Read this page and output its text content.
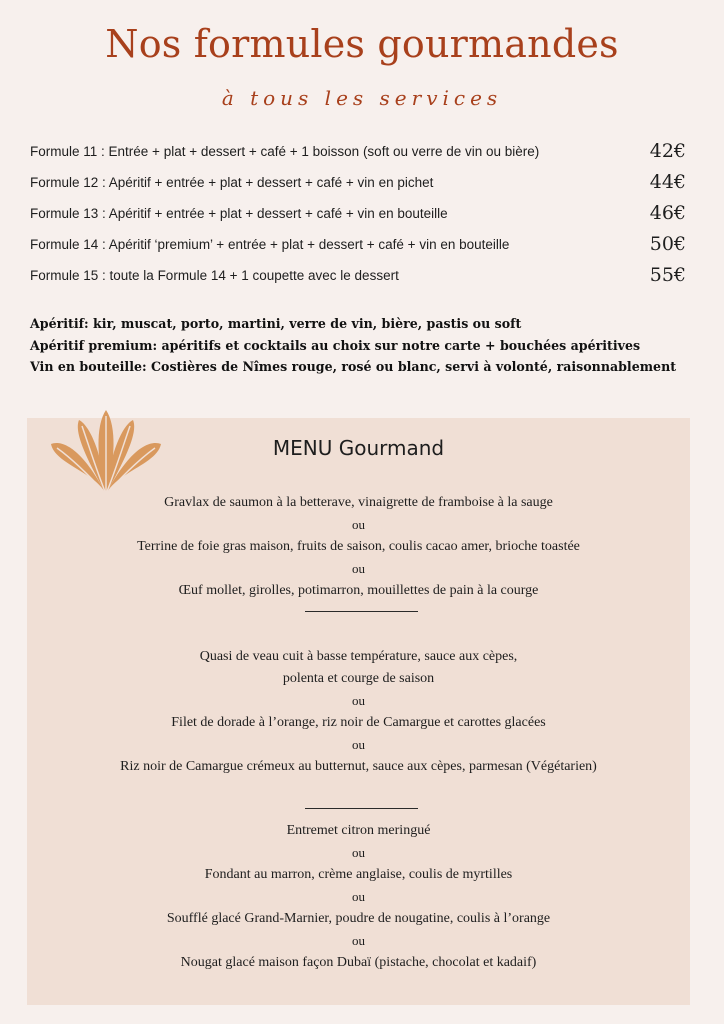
Nos formules gourmandes
à tous les services
Formule 11 : Entrée + plat + dessert + café + 1 boisson (soft ou verre de vin ou bière)	42€
Formule 12 : Apéritif + entrée + plat + dessert + café + vin en pichet	44€
Formule 13 : Apéritif + entrée + plat + dessert + café + vin en bouteille	46€
Formule 14 : Apéritif ‘premium’ + entrée + plat + dessert + café + vin en bouteille	50€
Formule 15 : toute la Formule 14 + 1 coupette avec le dessert	55€
Apéritif: kir, muscat, porto, martini, verre de vin, bière, pastis ou soft
Apéritif premium: apéritifs et cocktails au choix sur notre carte + bouchées apéritives
Vin en bouteille: Costières de Nîmes rouge, rosé ou blanc, servi à volonté, raisonnablement
MENU Gourmand
Gravlax de saumon à la betterave, vinaigrette de framboise à la sauge
ou
Terrine de foie gras maison, fruits de saison, coulis cacao amer, brioche toastée
ou
Œuf mollet, girolles, potimarron, mouillettes de pain à la courge
Quasi de veau cuit à basse température, sauce aux cèpes,
polenta et courge de saison
ou
Filet de dorade à l’orange, riz noir de Camargue et carottes glacées
ou
Riz noir de Camargue crémeux au butternut, sauce aux cèpes, parmesan (Végétarien)
Entremet citron meringué
ou
Fondant au marron, crème anglaise, coulis de myrtilles
ou
Soufflé glacé Grand-Marnier, poudre de nougatine, coulis à l’orange
ou
Nougat glacé maison façon Dubaï (pistache, chocolat et kadaif)
